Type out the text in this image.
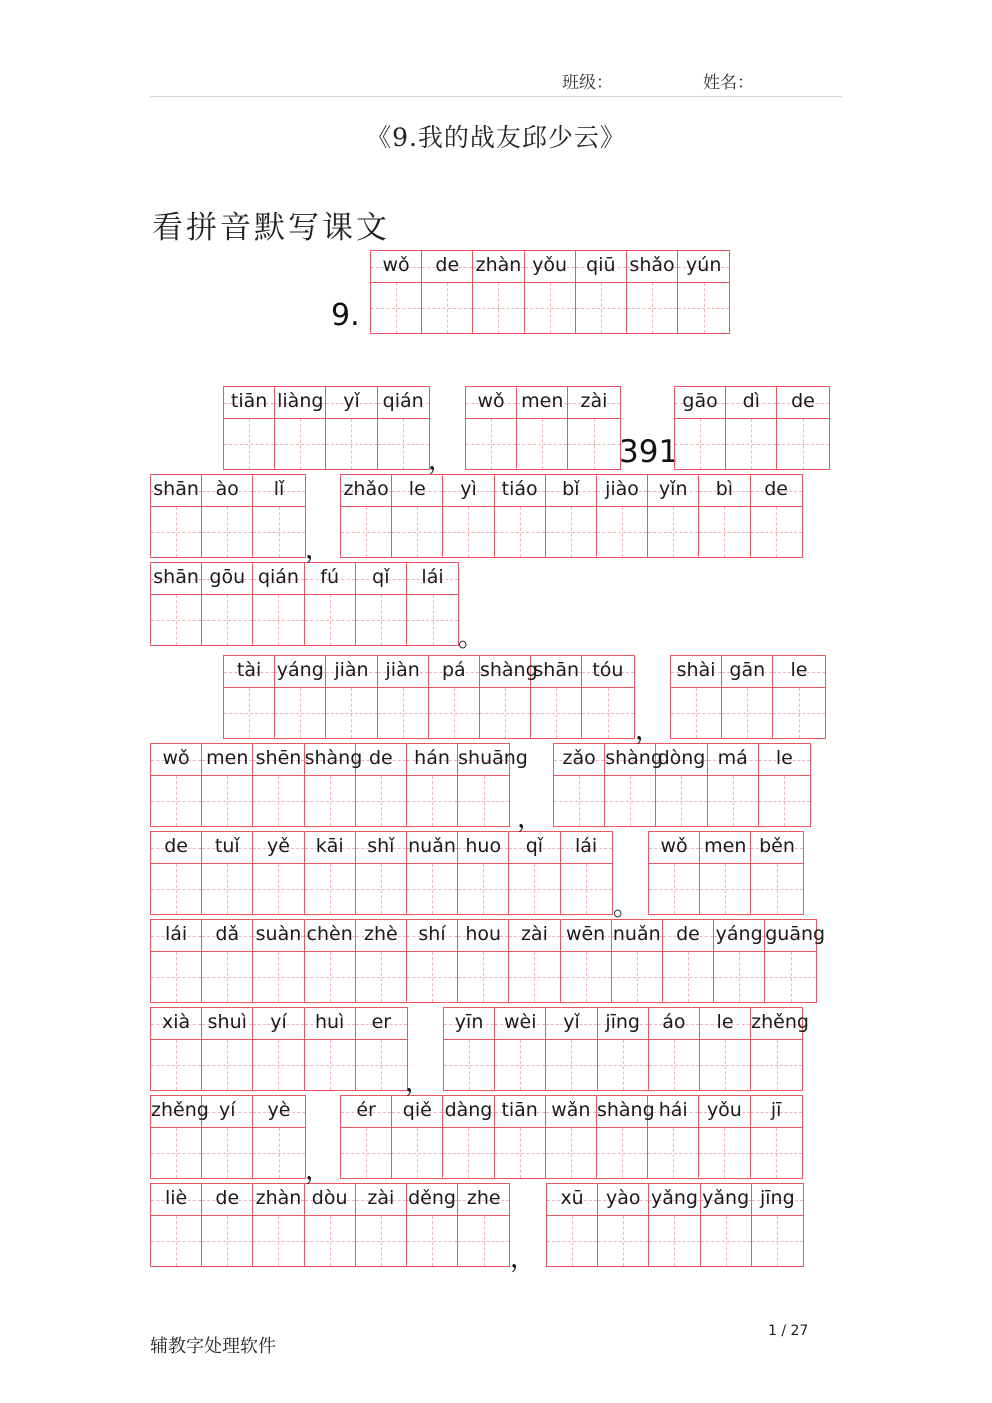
班级：	姓名：
《9.我的战友邱少云》
看拼音默写课文
9.
391
wǒ	de zhàn yǒu	qiū shǎo yún
tiān liàng	yǐ	qián	wǒ men zài	gāo	dì	de
shān ào	lǐ	zhǎo	le	yì	tiáo	bǐ	jiào	yǐn	bì	de
shān gōu qián	fú	qǐ	lái
tài yáng jiàn jiàn	pá shàng
shān tóu	shài gān	le
wǒ men shēn shàng de	hán shuāng	zǎo shàng
dòng má	le
de	tuǐ	yě	kāi	shǐ nuǎn huo	qǐ	lái	wǒ men běn
lái	dǎ suàn chèn zhè	shí	hou	zài wēn nuǎn de yáng guāng
xià shuì	yí	huì	er	yīn	wèi	yǐ	jīng	áo	le zhěng
zhěng yí	yè	ér	qiě dàng tiān wǎn shàng hái	yǒu	jī
liè	de zhàn dòu	zài děng zhe	xū	yào yǎng yǎng jīng
，
，
。
，
，
。
，
，
，
辅教字处理软件
1 / 27
